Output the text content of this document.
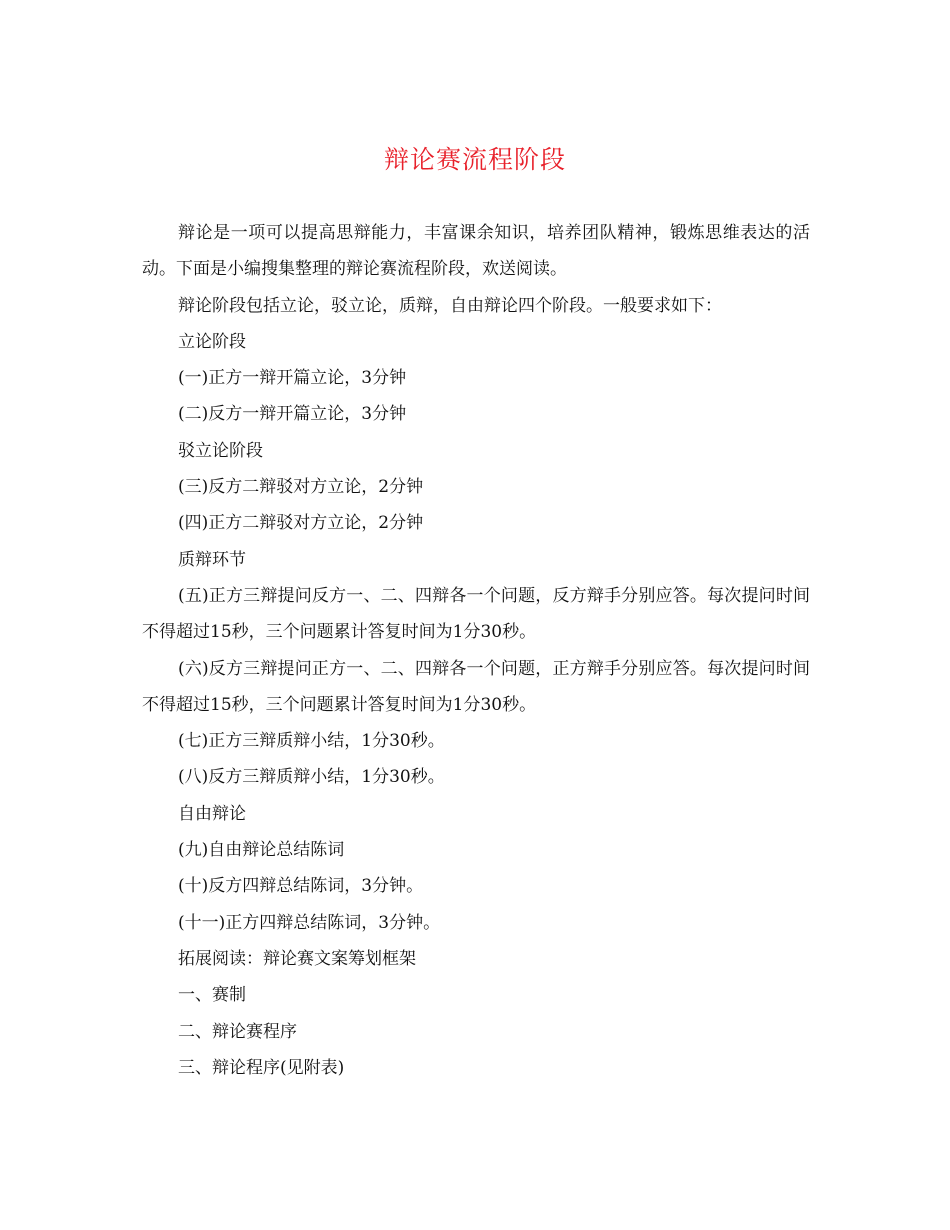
辩论赛流程阶段

辩论是一项可以提高思辩能力，丰富课余知识，培养团队精神，锻炼思维表达的活动。下面是小编搜集整理的辩论赛流程阶段，欢送阅读。

辩论阶段包括立论，驳立论，质辩，自由辩论四个阶段。一般要求如下：

立论阶段

(一)正方一辩开篇立论，3分钟

(二)反方一辩开篇立论，3分钟

驳立论阶段

(三)反方二辩驳对方立论，2分钟

(四)正方二辩驳对方立论，2分钟

质辩环节

(五)正方三辩提问反方一、二、四辩各一个问题，反方辩手分别应答。每次提问时间不得超过15秒，三个问题累计答复时间为1分30秒。

(六)反方三辩提问正方一、二、四辩各一个问题，正方辩手分别应答。每次提问时间不得超过15秒，三个问题累计答复时间为1分30秒。

(七)正方三辩质辩小结，1分30秒。

(八)反方三辩质辩小结，1分30秒。

自由辩论

(九)自由辩论总结陈词

(十)反方四辩总结陈词，3分钟。

(十一)正方四辩总结陈词，3分钟。

拓展阅读：辩论赛文案筹划框架

一、赛制

二、辩论赛程序

三、辩论程序(见附表)
